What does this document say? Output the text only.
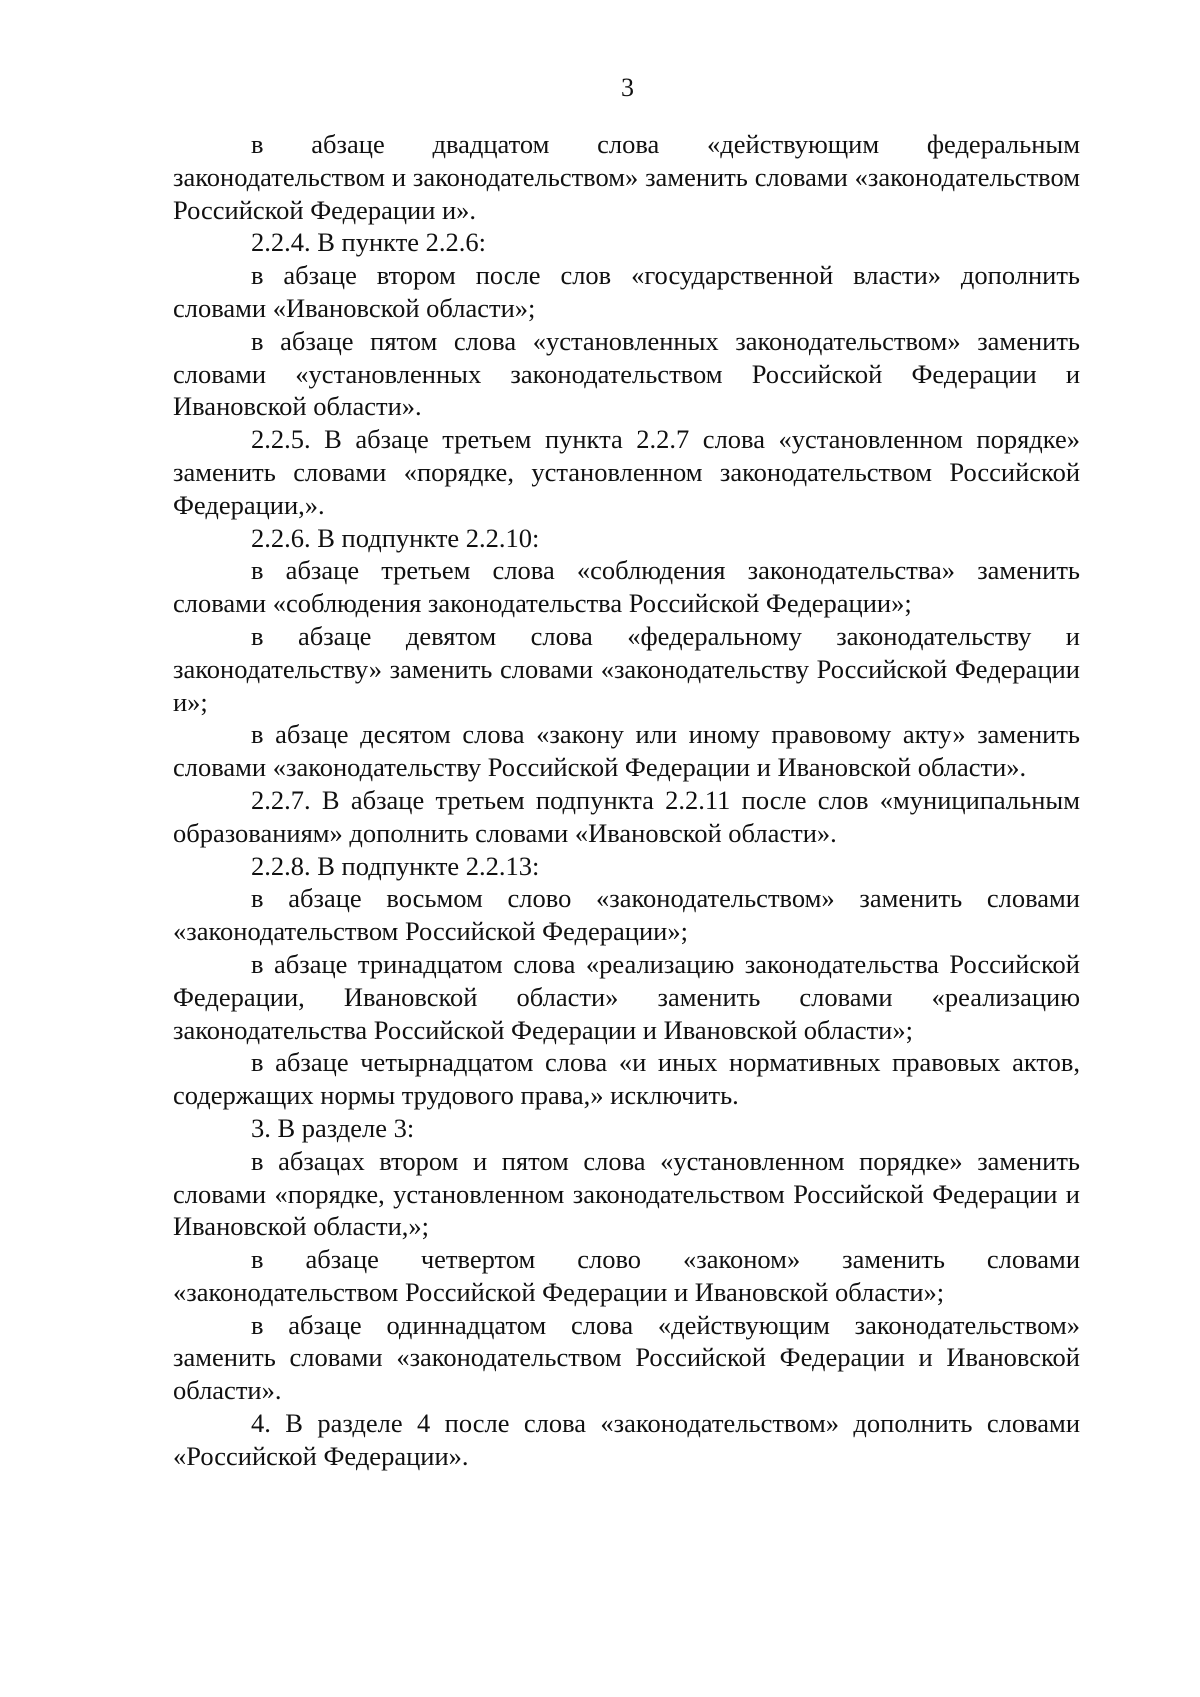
3

в абзаце двадцатом слова «действующим федеральным законодательством и законодательством» заменить словами «законодательством Российской Федерации и».

2.2.4. В пункте 2.2.6:

в абзаце втором после слов «государственной власти» дополнить словами «Ивановской области»;

в абзаце пятом слова «установленных законодательством» заменить словами «установленных законодательством Российской Федерации и Ивановской области».

2.2.5. В абзаце третьем пункта 2.2.7 слова «установленном порядке» заменить словами «порядке, установленном законодательством Российской Федерации,».

2.2.6. В подпункте 2.2.10:

в абзаце третьем слова «соблюдения законодательства» заменить словами «соблюдения законодательства Российской Федерации»;

в абзаце девятом слова «федеральному законодательству и законодательству» заменить словами «законодательству Российской Федерации и»;

в абзаце десятом слова «закону или иному правовому акту» заменить словами «законодательству Российской Федерации и Ивановской области».

2.2.7. В абзаце третьем подпункта 2.2.11 после слов «муниципальным образованиям» дополнить словами «Ивановской области».

2.2.8. В подпункте 2.2.13:

в абзаце восьмом слово «законодательством» заменить словами «законодательством Российской Федерации»;

в абзаце тринадцатом слова «реализацию законодательства Российской Федерации, Ивановской области» заменить словами «реализацию законодательства Российской Федерации и Ивановской области»;

в абзаце четырнадцатом слова «и иных нормативных правовых актов, содержащих нормы трудового права,» исключить.

3. В разделе 3:

в абзацах втором и пятом слова «установленном порядке» заменить словами «порядке, установленном законодательством Российской Федерации и Ивановской области,»;

в абзаце четвертом слово «законом» заменить словами «законодательством Российской Федерации и Ивановской области»;

в абзаце одиннадцатом слова «действующим законодательством» заменить словами «законодательством Российской Федерации и Ивановской области».

4. В разделе 4 после слова «законодательством» дополнить словами «Российской Федерации».
